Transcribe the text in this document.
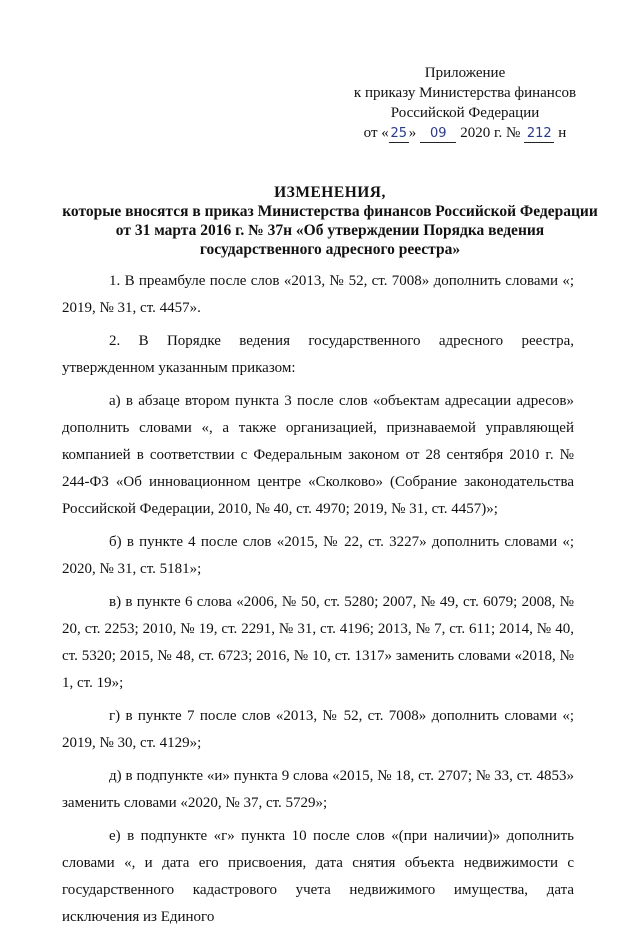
Приложение
к приказу Министерства финансов
Российской Федерации
от « 25 » 09 2020 г. № 212 н
ИЗМЕНЕНИЯ,
которые вносятся в приказ Министерства финансов Российской Федерации
от 31 марта 2016 г. № 37н «Об утверждении Порядка ведения
государственного адресного реестра»

1. В преамбуле после слов «2013, № 52, ст. 7008» дополнить словами «; 2019, № 31, ст. 4457».

2. В Порядке ведения государственного адресного реестра, утвержденном указанным приказом:

а) в абзаце втором пункта 3 после слов «объектам адресации адресов» дополнить словами «, а также организацией, признаваемой управляющей компанией в соответствии с Федеральным законом от 28 сентября 2010 г. № 244-ФЗ «Об инновационном центре «Сколково» (Собрание законодательства Российской Федерации, 2010, № 40, ст. 4970; 2019, № 31, ст. 4457)»;

б) в пункте 4 после слов «2015, № 22, ст. 3227» дополнить словами «; 2020, № 31, ст. 5181»;

в) в пункте 6 слова «2006, № 50, ст. 5280; 2007, № 49, ст. 6079; 2008, № 20, ст. 2253; 2010, № 19, ст. 2291, № 31, ст. 4196; 2013, № 7, ст. 611; 2014, № 40, ст. 5320; 2015, № 48, ст. 6723; 2016, № 10, ст. 1317» заменить словами «2018, № 1, ст. 19»;

г) в пункте 7 после слов «2013, № 52, ст. 7008» дополнить словами «; 2019, № 30, ст. 4129»;

д) в подпункте «и» пункта 9 слова «2015, № 18, ст. 2707; № 33, ст. 4853» заменить словами «2020, № 37, ст. 5729»;

е) в подпункте «г» пункта 10 после слов «(при наличии)» дополнить словами «, и дата его присвоения, дата снятия объекта недвижимости с государственного кадастрового учета недвижимого имущества, дата исключения из Единого
